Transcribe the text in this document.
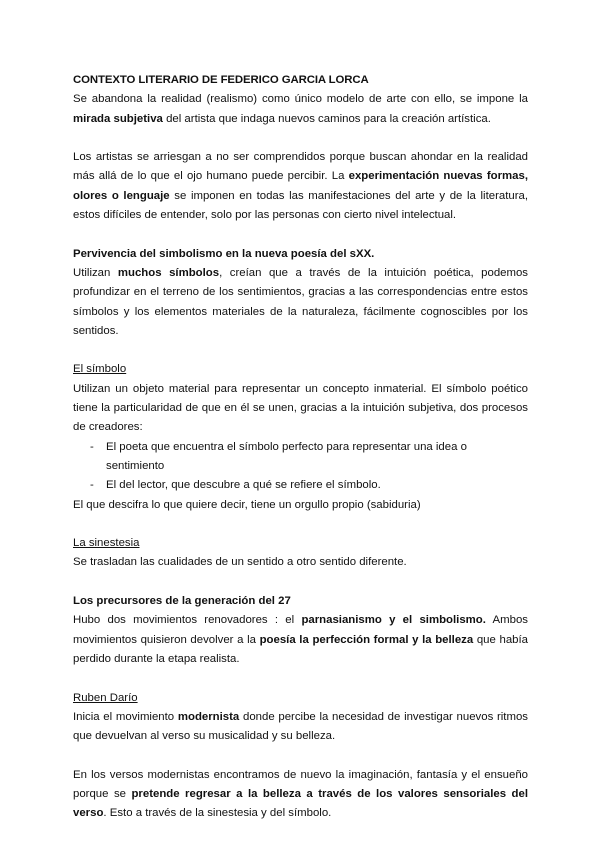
CONTEXTO LITERARIO DE FEDERICO GARCIA LORCA
Se abandona la realidad (realismo) como único modelo de arte con ello, se impone la mirada subjetiva del artista que indaga nuevos caminos para la creación artística.
Los artistas se arriesgan a no ser comprendidos porque buscan ahondar en la realidad más allá de lo que el ojo humano puede percibir. La experimentación nuevas formas, olores o lenguaje se imponen en todas las manifestaciones del arte y de la literatura, estos difíciles de entender, solo por las personas con cierto nivel intelectual.
Pervivencia del simbolismo en la nueva poesía del sXX.
Utilizan muchos símbolos, creían que a través de la intuición poética, podemos profundizar en el terreno de los sentimientos, gracias a las correspondencias entre estos símbolos y los elementos materiales de la naturaleza, fácilmente cognoscibles por los sentidos.
El símbolo
Utilizan un objeto material para representar un concepto inmaterial. El símbolo poético tiene la particularidad de que en él se unen, gracias a la intuición subjetiva, dos procesos de creadores:
- El poeta que encuentra el símbolo perfecto para representar una idea o sentimiento
- El del lector, que descubre a qué se refiere el símbolo.
El que descifra lo que quiere decir, tiene un orgullo propio (sabiduria)
La sinestesia
Se trasladan las cualidades de un sentido a otro sentido diferente.
Los precursores de la generación del 27
Hubo dos movimientos renovadores : el parnasianismo y el simbolismo. Ambos movimientos quisieron devolver a la poesía la perfección formal y la belleza que había perdido durante la etapa realista.
Ruben Darío
Inicia el movimiento modernista donde percibe la necesidad de investigar nuevos ritmos que devuelvan al verso su musicalidad y su belleza.
En los versos modernistas encontramos de nuevo la imaginación, fantasía y el ensueño porque se pretende regresar a la belleza a través de los valores sensoriales del verso. Esto a través de la sinestesia y del símbolo.
